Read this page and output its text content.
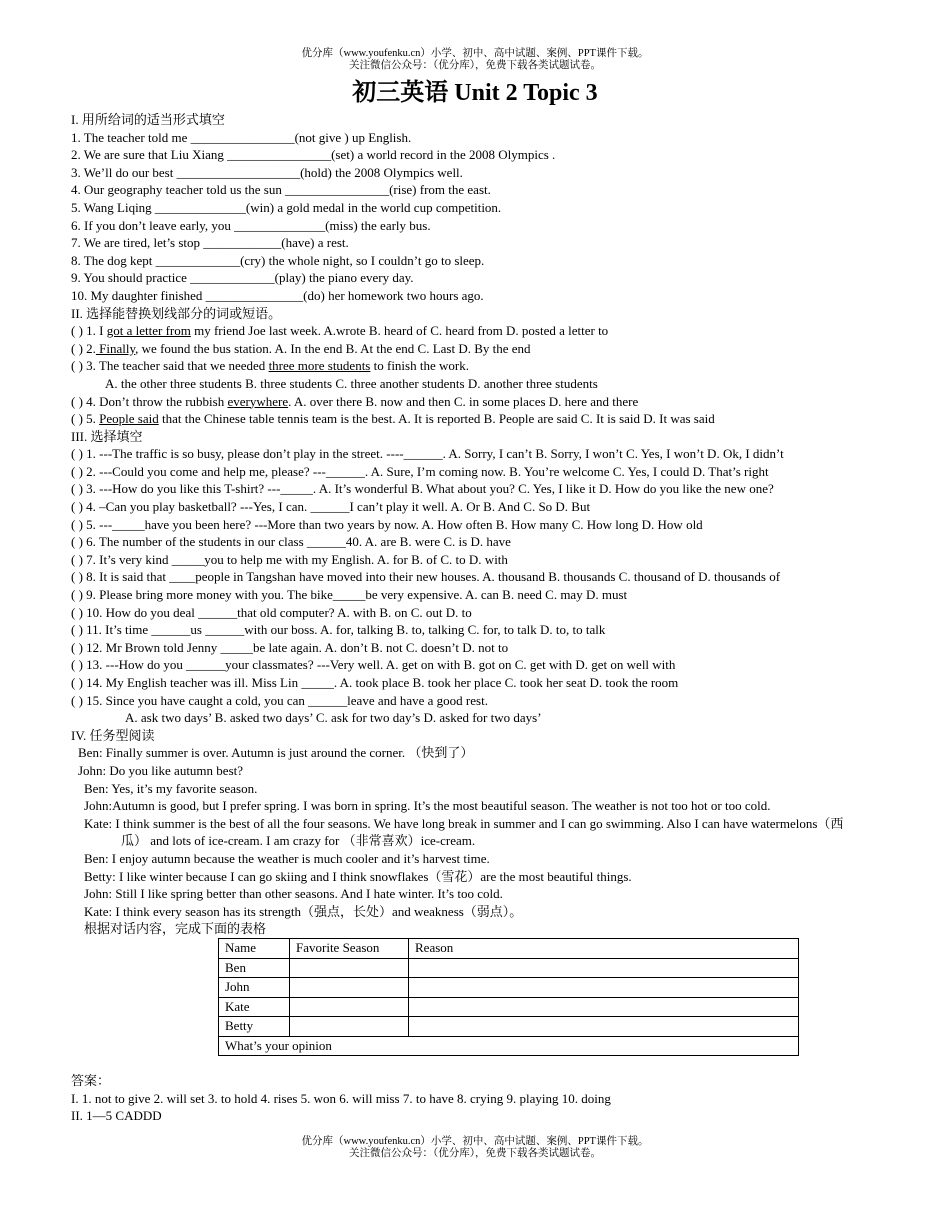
优分库（www.youfenku.cn）小学、初中、高中试题、案例、PPT课件下载。
关注微信公众号：（优分库），免费下载各类试题试卷。
初三英语 Unit 2 Topic 3
I. 用所给词的适当形式填空
1. The teacher told me ________________(not give ) up English.
2. We are sure that Liu Xiang ________________(set) a world record in the 2008 Olympics .
3. We’ll do our best ___________________(hold) the 2008 Olympics well.
4. Our geography teacher told us the sun ________________(rise) from the east.
5. Wang Liqing ______________(win) a gold medal in the world cup competition.
6. If you don’t leave early, you ______________(miss) the early bus.
7. We are tired, let’s stop ____________(have) a rest.
8. The dog kept _____________(cry) the whole night, so I couldn’t go to sleep.
9. You should practice _____________(play) the piano every day.
10. My daughter finished _______________(do) her homework two hours ago.
II. 选择能替换划线部分的词或短语。
( ) 1. I got a letter from my friend Joe last week. A.wrote B. heard of C. heard from D. posted a letter to
( ) 2. Finally, we found the bus station. A. In the end B. At the end C. Last D. By the end
( ) 3. The teacher said that we needed three more students to finish the work.
A. the other three students B. three students C. three another students D. another three students
( ) 4. Don’t throw the rubbish everywhere. A. over there B. now and then C. in some places D. here and there
( ) 5. People said that the Chinese table tennis team is the best. A. It is reported B. People are said C. It is said D. It was said
III. 选择填空
( ) 1. ---The traffic is so busy, please don’t play in the street. ----______. A. Sorry, I can’t B. Sorry, I won’t C. Yes, I won’t D. Ok, I didn’t
( ) 2. ---Could you come and help me, please? ---______. A. Sure, I’m coming now. B. You’re welcome C. Yes, I could D. That’s right
( ) 3. ---How do you like this T-shirt? ---_____. A. It’s wonderful B. What about you? C. Yes, I like it D. How do you like the new one?
( ) 4. –Can you play basketball? ---Yes, I can. ______I can’t play it well. A. Or B. And C. So D. But
( ) 5. ---_____have you been here? ---More than two years by now. A. How often B. How many C. How long D. How old
( ) 6. The number of the students in our class ______40. A. are B. were C. is D. have
( ) 7. It’s very kind _____you to help me with my English. A. for B. of C. to D. with
( ) 8. It is said that ____people in Tangshan have moved into their new houses. A. thousand B. thousands C. thousand of D. thousands of
( ) 9. Please bring more money with you. The bike_____be very expensive. A. can B. need C. may D. must
( ) 10. How do you deal ______that old computer? A. with B. on C. out D. to
( ) 11. It’s time ______us ______with our boss. A. for, talking B. to, talking C. for, to talk D. to, to talk
( ) 12. Mr Brown told Jenny _____be late again. A. don’t B. not C. doesn’t D. not to
( ) 13. ---How do you ______your classmates? ---Very well. A. get on with B. got on C. get with D. get on well with
( ) 14. My English teacher was ill. Miss Lin _____. A. took place B. took her place C. took her seat D. took the room
( ) 15. Since you have caught a cold, you can ______leave and have a good rest.
A. ask two days’ B. asked two days’ C. ask for two day’s D. asked for two days’
IV. 任务型阅读
Ben: Finally summer is over. Autumn is just around the corner. （快到了）
John: Do you like autumn best?
Ben: Yes, it’s my favorite season.
John:Autumn is good, but I prefer spring. I was born in spring. It’s the most beautiful season. The weather is not too hot or too cold.
Kate: I think summer is the best of all the four seasons. We have long break in summer and I can go swimming. Also I can have watermelons（西
瓜） and lots of ice-cream. I am crazy for （非常喜欢）ice-cream.
Ben: I enjoy autumn because the weather is much cooler and it’s harvest time.
Betty: I like winter because I can go skiing and I think snowflakes（雪花）are the most beautiful things.
John: Still I like spring better than other seasons. And I hate winter. It’s too cold.
Kate: I think every season has its strength（强点，长处）and weakness（弱点）。
根据对话内容，完成下面的表格
Name	Favorite Season	Reason
Ben		
John		
Kate		
Betty		
What’s your opinion		
答案：
I. 1. not to give 2. will set 3. to hold 4. rises 5. won 6. will miss 7. to have 8. crying 9. playing 10. doing
II. 1—5 CADDD
优分库（www.youfenku.cn）小学、初中、高中试题、案例、PPT课件下载。
关注微信公众号：（优分库），免费下载各类试题试卷。
